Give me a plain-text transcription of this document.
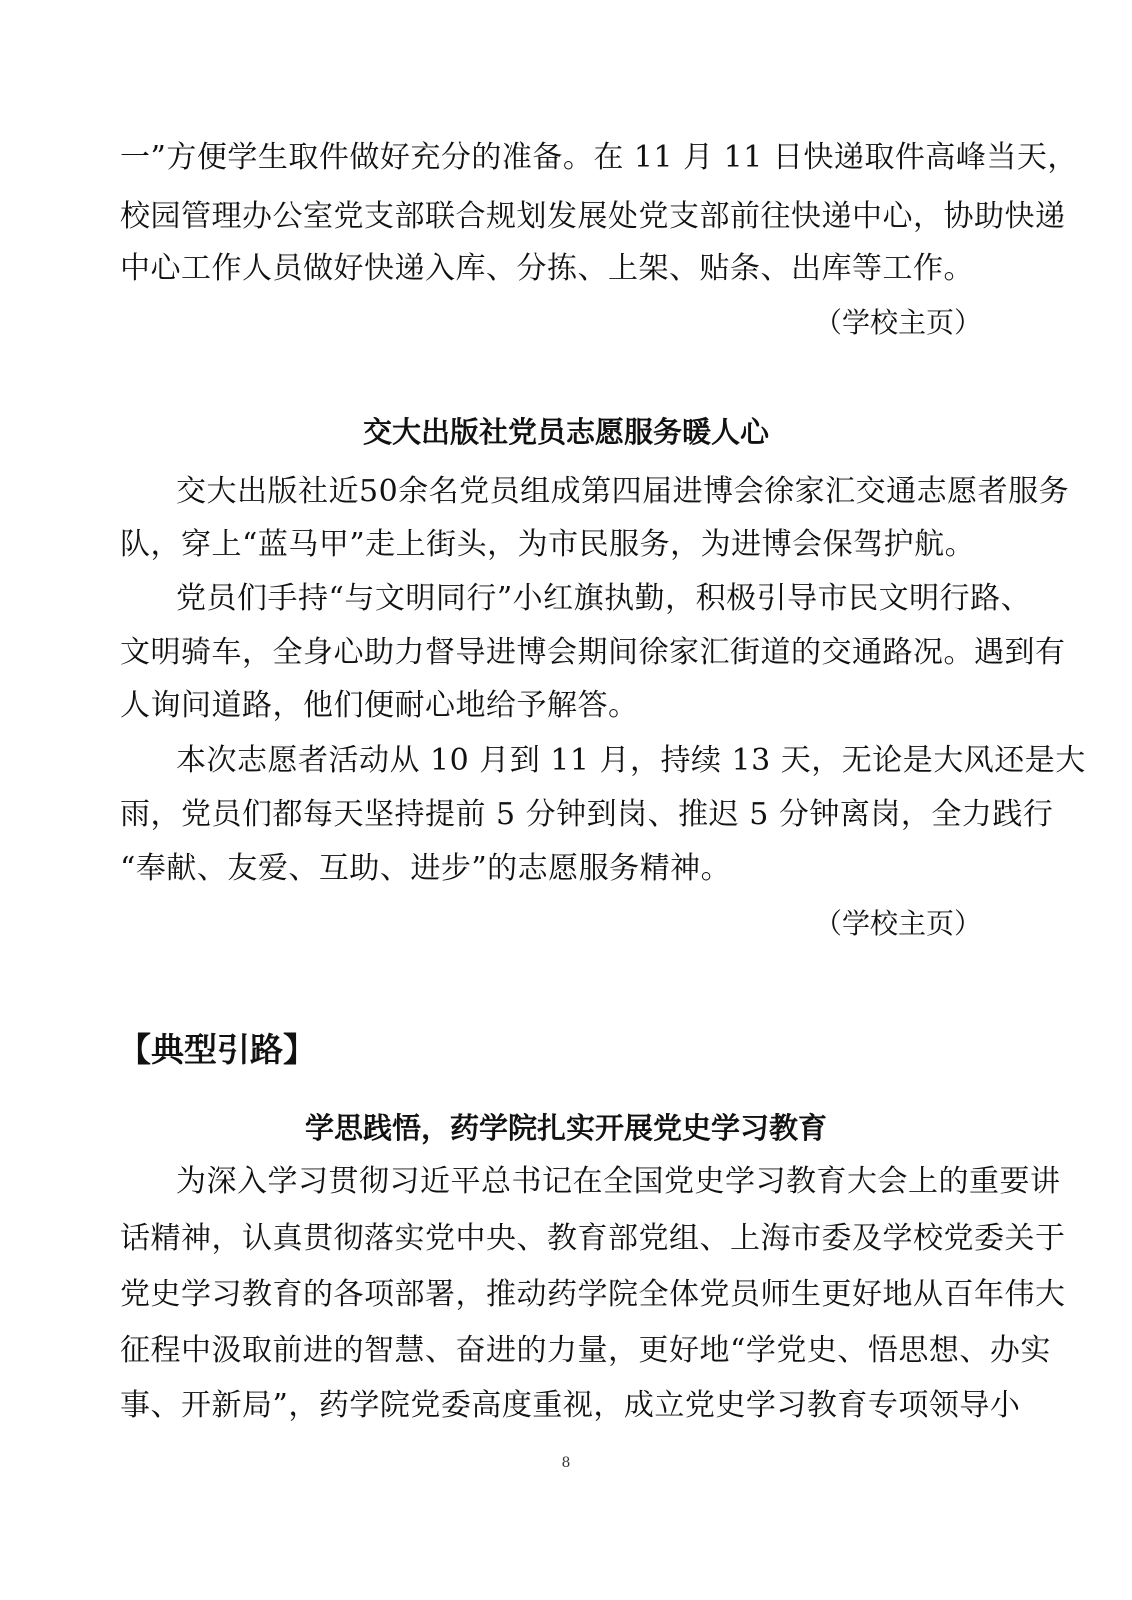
一”方便学生取件做好充分的准备。在 11 月 11 日快递取件高峰当天，
校园管理办公室党支部联合规划发展处党支部前往快递中心，协助快递
中心工作人员做好快递入库、分拣、上架、贴条、出库等工作。
（学校主页）
交大出版社党员志愿服务暖人心
交大出版社近50余名党员组成第四届进博会徐家汇交通志愿者服务
队，穿上“蓝马甲”走上街头，为市民服务，为进博会保驾护航。
党员们手持“与文明同行”小红旗执勤，积极引导市民文明行路、
文明骑车，全身心助力督导进博会期间徐家汇街道的交通路况。遇到有
人询问道路，他们便耐心地给予解答。
本次志愿者活动从 10 月到 11 月，持续 13 天，无论是大风还是大
雨，党员们都每天坚持提前 5 分钟到岗、推迟 5 分钟离岗，全力践行
“奉献、友爱、互助、进步”的志愿服务精神。
（学校主页）
【典型引路】
学思践悟，药学院扎实开展党史学习教育
为深入学习贯彻习近平总书记在全国党史学习教育大会上的重要讲
话精神，认真贯彻落实党中央、教育部党组、上海市委及学校党委关于
党史学习教育的各项部署，推动药学院全体党员师生更好地从百年伟大
征程中汲取前进的智慧、奋进的力量，更好地“学党史、悟思想、办实
事、开新局”，药学院党委高度重视，成立党史学习教育专项领导小
8
